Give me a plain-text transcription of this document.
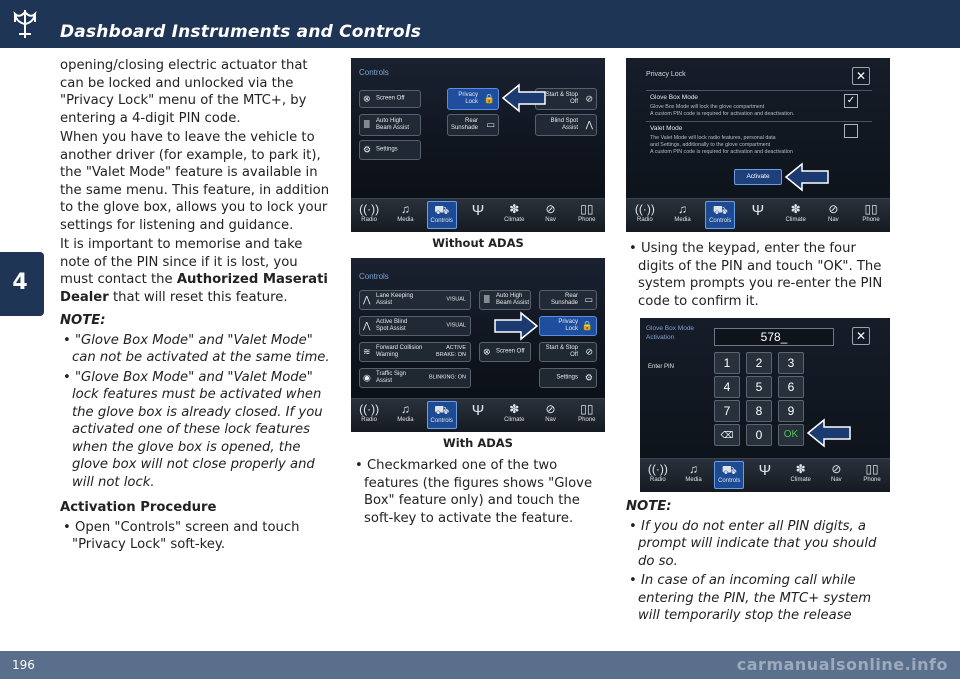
Dashboard Instruments and Controls
4

opening/closing electric actuator that can be locked and unlocked via the "Privacy Lock" menu of the MTC+, by entering a 4-digit PIN code.

When you have to leave the vehicle to another driver (for example, to park it), the "Valet Mode" feature is available in the same menu. This feature, in addition to the glove box, allows you to lock your settings for listening and guidance.

It is important to memorise and take note of the PIN since if it is lost, you must contact the Authorized Maserati Dealer that will reset this feature.

NOTE:

• "Glove Box Mode" and "Valet Mode" can not be activated at the same time.

• "Glove Box Mode" and "Valet Mode" lock features must be activated when the glove box is already closed. If you activated one of these lock features when the glove box is opened, the glove box will not close properly and will not lock.

Activation Procedure

• Open "Controls" screen and touch "Privacy Lock" soft-key.

Controls
⊗ Screen Off
≣ Auto High
Beam Assist
⚙ Settings
Privacy
Lock 🔒
Rear
Sunshade ▭
Start & Stop
Off ⊘
Blind Spot
Assist ⋀
((·))
Radio
♫
Media
⛟
Controls
Ψ	✽
Climate
⊘
Nav
▯▯
Phone
Without ADAS
Controls
⋀ Lane Keeping
Assist
VISUAL
⋀ Active Blind
Spot Assist
VISUAL
≋ Forward Collision
Warning
ACTIVE
BRAKE: ON
◉ Traffic Sign
Assist
BLINKING: ON
≣ Auto High
Beam Assist
Rear
Sunshade ▭
Privacy
Lock 🔒
⊗ Screen Off
Start & Stop
Off ⊘
Settings ⚙
((·))
Radio
♫
Media
⛟
Controls
Ψ	✽
Climate
⊘
Nav
▯▯
Phone
With ADAS

• Checkmarked one of the two features (the figures shows "Glove Box" feature only) and touch the soft-key to activate the feature.

Privacy Lock	✕
Glove Box Mode
Glove Box Mode will lock the glove compartment
A custom PIN code is required for activation and deactivation.
✓
Valet Mode
The Valet Mode will lock radio features, personal data
and Settings, additionally to the glove compartment
A custom PIN code is required for activation and deactivation
Activate
((·))
Radio
♫
Media
⛟
Controls
Ψ	✽
Climate
⊘
Nav
▯▯
Phone

• Using the keypad, enter the four digits of the PIN and touch "OK". The system prompts you re-enter the PIN code to confirm it.

Glove Box Mode
Activation	578_	✕
Enter PIN	1	2	3
4	5	6
7	8	9
⌫	0	OK
((·))
Radio
♫
Media
⛟
Controls
Ψ	✽
Climate
⊘
Nav
▯▯
Phone

NOTE:

• If you do not enter all PIN digits, a prompt will indicate that you should do so.

• In case of an incoming call while entering the PIN, the MTC+ system will temporarily stop the release

196	carmanualsonline.info
